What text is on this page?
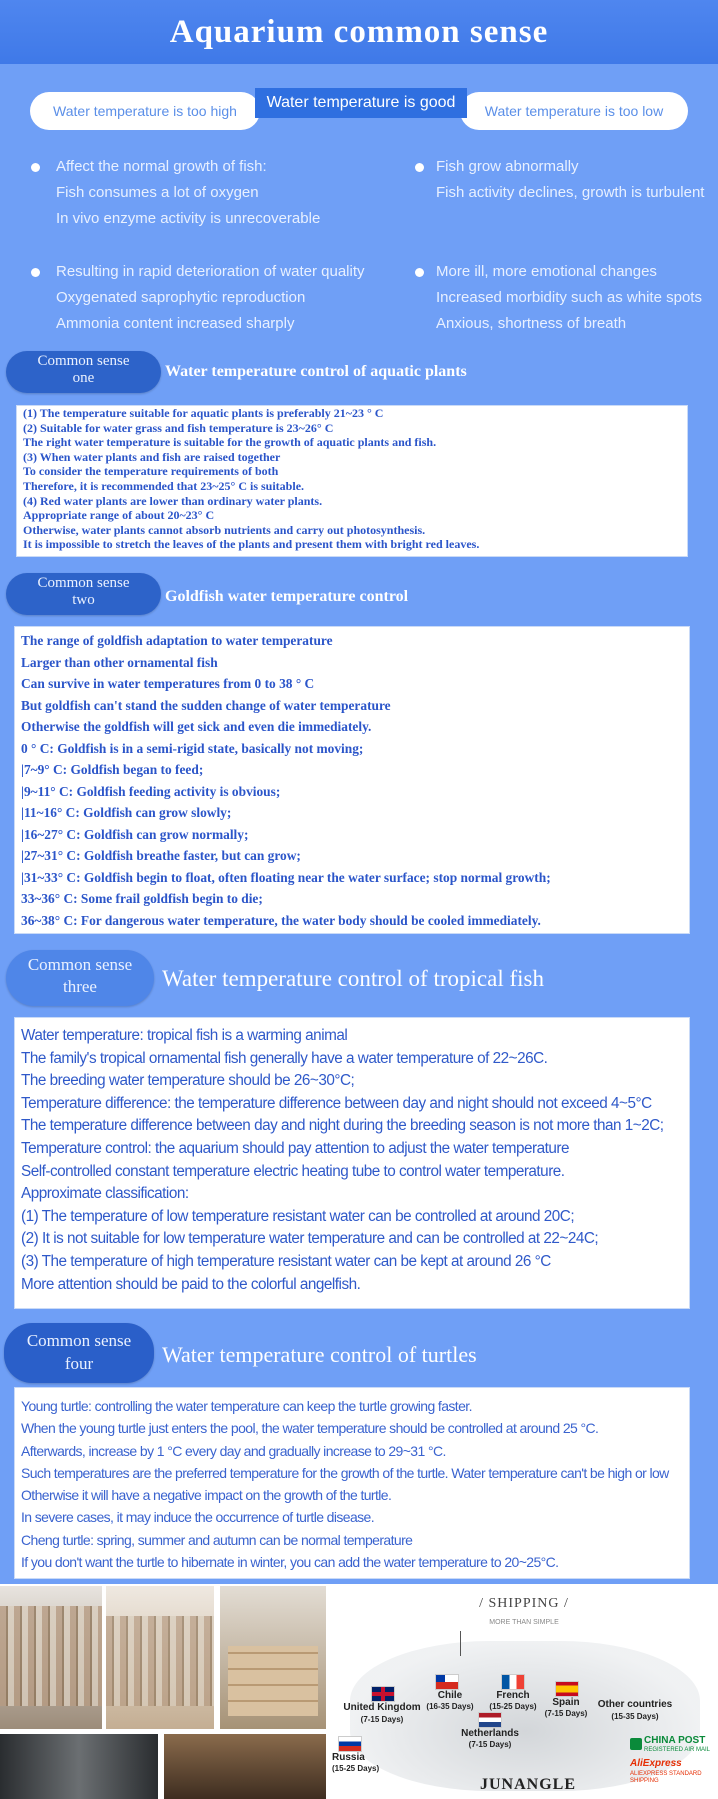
Aquarium common sense
Water temperature is too high	Water temperature is too low
Water temperature is good
Affect the normal growth of fish:
Fish consumes a lot of oxygen
In vivo enzyme activity is unrecoverable
Fish grow abnormally
Fish activity declines, growth is turbulent
Resulting in rapid deterioration of water quality
Oxygenated saprophytic reproduction
Ammonia content increased sharply
More ill, more emotional changes
Increased morbidity such as white spots
Anxious, shortness of breath
Common sense
one	Water temperature control of aquatic plants
(1) The temperature suitable for aquatic plants is preferably 21~23 ° C
(2) Suitable for water grass and fish temperature is 23~26° C
The right water temperature is suitable for the growth of aquatic plants and fish.
(3) When water plants and fish are raised together
To consider the temperature requirements of both
Therefore, it is recommended that 23~25° C is suitable.
(4) Red water plants are lower than ordinary water plants.
Appropriate range of about 20~23° C
Otherwise, water plants cannot absorb nutrients and carry out photosynthesis.
It is impossible to stretch the leaves of the plants and present them with bright red leaves.
Common sense
two	Goldfish water temperature control
The range of goldfish adaptation to water temperature
Larger than other ornamental fish
Can survive in water temperatures from 0 to 38 ° C
But goldfish can't stand the sudden change of water temperature
Otherwise the goldfish will get sick and even die immediately.
0 ° C: Goldfish is in a semi-rigid state, basically not moving;
|7~9° C: Goldfish began to feed;
|9~11° C: Goldfish feeding activity is obvious;
|11~16° C: Goldfish can grow slowly;
|16~27° C: Goldfish can grow normally;
|27~31° C: Goldfish breathe faster, but can grow;
|31~33° C: Goldfish begin to float, often floating near the water surface; stop normal growth;
33~36° C: Some frail goldfish begin to die;
36~38° C: For dangerous water temperature, the water body should be cooled immediately.
Common sense
three	Water temperature control of tropical fish
Water temperature: tropical fish is a warming animal
The family's tropical ornamental fish generally have a water temperature of 22~26C.
The breeding water temperature should be 26~30°C;
Temperature difference: the temperature difference between day and night should not exceed 4~5°C
The temperature difference between day and night during the breeding season is not more than 1~2C;
Temperature control: the aquarium should pay attention to adjust the water temperature
Self-controlled constant temperature electric heating tube to control water temperature.
Approximate classification:
(1) The temperature of low temperature resistant water can be controlled at around 20C;
(2) It is not suitable for low temperature water temperature and can be controlled at 22~24C;
(3) The temperature of high temperature resistant water can be kept at around 26 °C
More attention should be paid to the colorful angelfish.
Common sense
four	Water temperature control of turtles
Young turtle: controlling the water temperature can keep the turtle growing faster.
When the young turtle just enters the pool, the water temperature should be controlled at around 25 °C.
Afterwards, increase by 1 °C every day and gradually increase to 29~31 °C.
Such temperatures are the preferred temperature for the growth of the turtle. Water temperature can't be high or low
Otherwise it will have a negative impact on the growth of the turtle.
In severe cases, it may induce the occurrence of turtle disease.
Cheng turtle: spring, summer and autumn can be normal temperature
If you don't want the turtle to hibernate in winter, you can add the water temperature to 20~25°C.
/ SHIPPING /
MORE THAN SIMPLE
Chile
(16-35 Days)
French
(15-25 Days)
United Kingdom
(7-15 Days)
Spain
(7-15 Days)
Other countries
(15-35 Days)
Netherlands
(7-15 Days)
Russia
(15-25 Days)
CHINA POST
REGISTERED AIR MAIL
AliExpress
ALIEXPRESS STANDARD SHIPPING
JUNANGLE
